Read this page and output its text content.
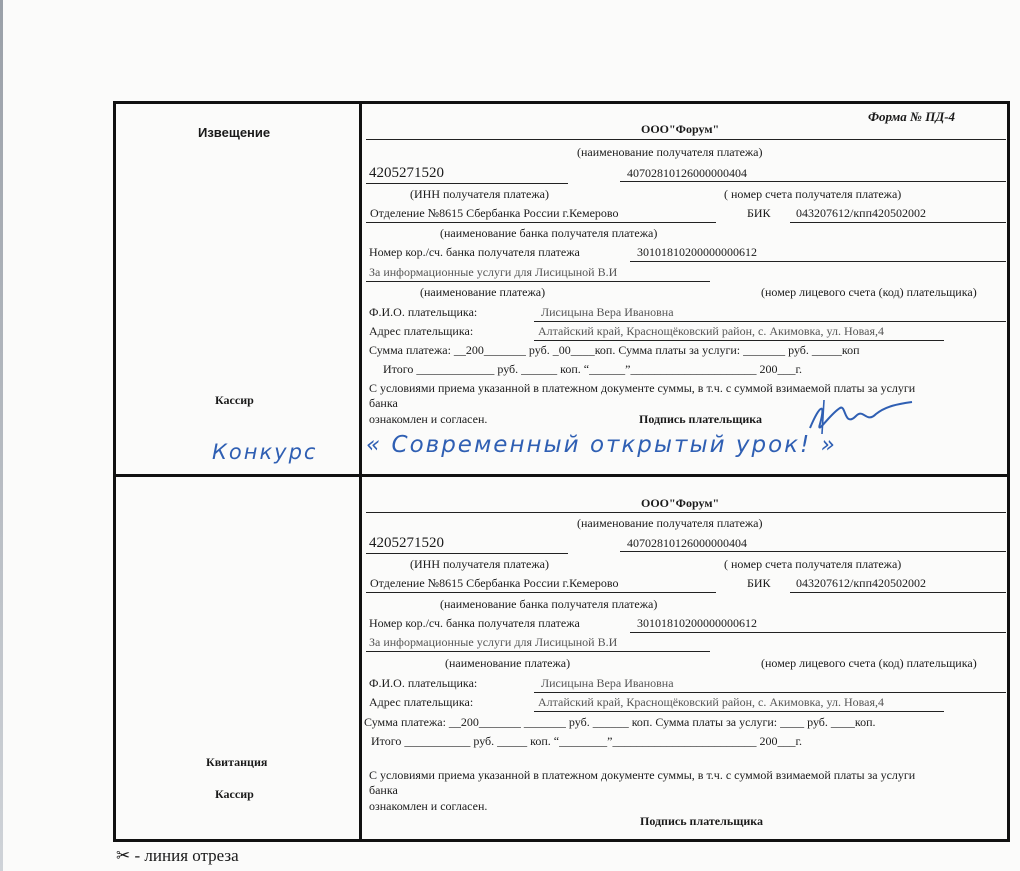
Форма № ПД-4
Извещение
Кассир
Квитанция
Кассир
Конкурс « Современный открытый урок! »
ООО"Форум"
(наименование получателя платежа)
4205271520	40702810126000000404
(ИНН получателя платежа)	( номер счета получателя платежа)
Отделение №8615 Сбербанка России г.Кемерово	БИК 043207612/кпп420502002
(наименование банка получателя платежа)
Номер кор./сч. банка получателя платежа	30101810200000000612
За информационные услуги для Лисицыной В.И
(наименование платежа)	(номер лицевого счета (код) плательщика)
Ф.И.О. плательщика:	Лисицына Вера Ивановна
Адрес плательщика:	Алтайский край, Краснощёковский район, с. Акимовка, ул. Новая,4
Сумма платежа: __200_______ руб. _00____коп. Сумма платы за услуги: _______ руб. _____коп
Итого _____________ руб. ______ коп. “______”_____________________ 200___г.
С условиями приема указанной в платежном документе суммы, в т.ч. с суммой взимаемой платы за услуги
банка
ознакомлен и согласен.	Подпись плательщика
ООО"Форум"
(наименование получателя платежа)
4205271520	40702810126000000404
(ИНН получателя платежа)	( номер счета получателя платежа)
Отделение №8615 Сбербанка России г.Кемерово	БИК 043207612/кпп420502002
(наименование банка получателя платежа)
Номер кор./сч. банка получателя платежа	30101810200000000612
За информационные услуги для Лисицыной В.И
(наименование платежа)	(номер лицевого счета (код) плательщика)
Ф.И.О. плательщика:	Лисицына Вера Ивановна
Адрес плательщика:	Алтайский край, Краснощёковский район, с. Акимовка, ул. Новая,4
Сумма платежа: __200_______ _______ руб. ______ коп. Сумма платы за услуги: ____ руб. ____коп.
Итого ___________ руб. _____ коп. “________”________________________ 200___г.
С условиями приема указанной в платежном документе суммы, в т.ч. с суммой взимаемой платы за услуги
банка
ознакомлен и согласен.
Подпись плательщика
✂ - линия отреза
